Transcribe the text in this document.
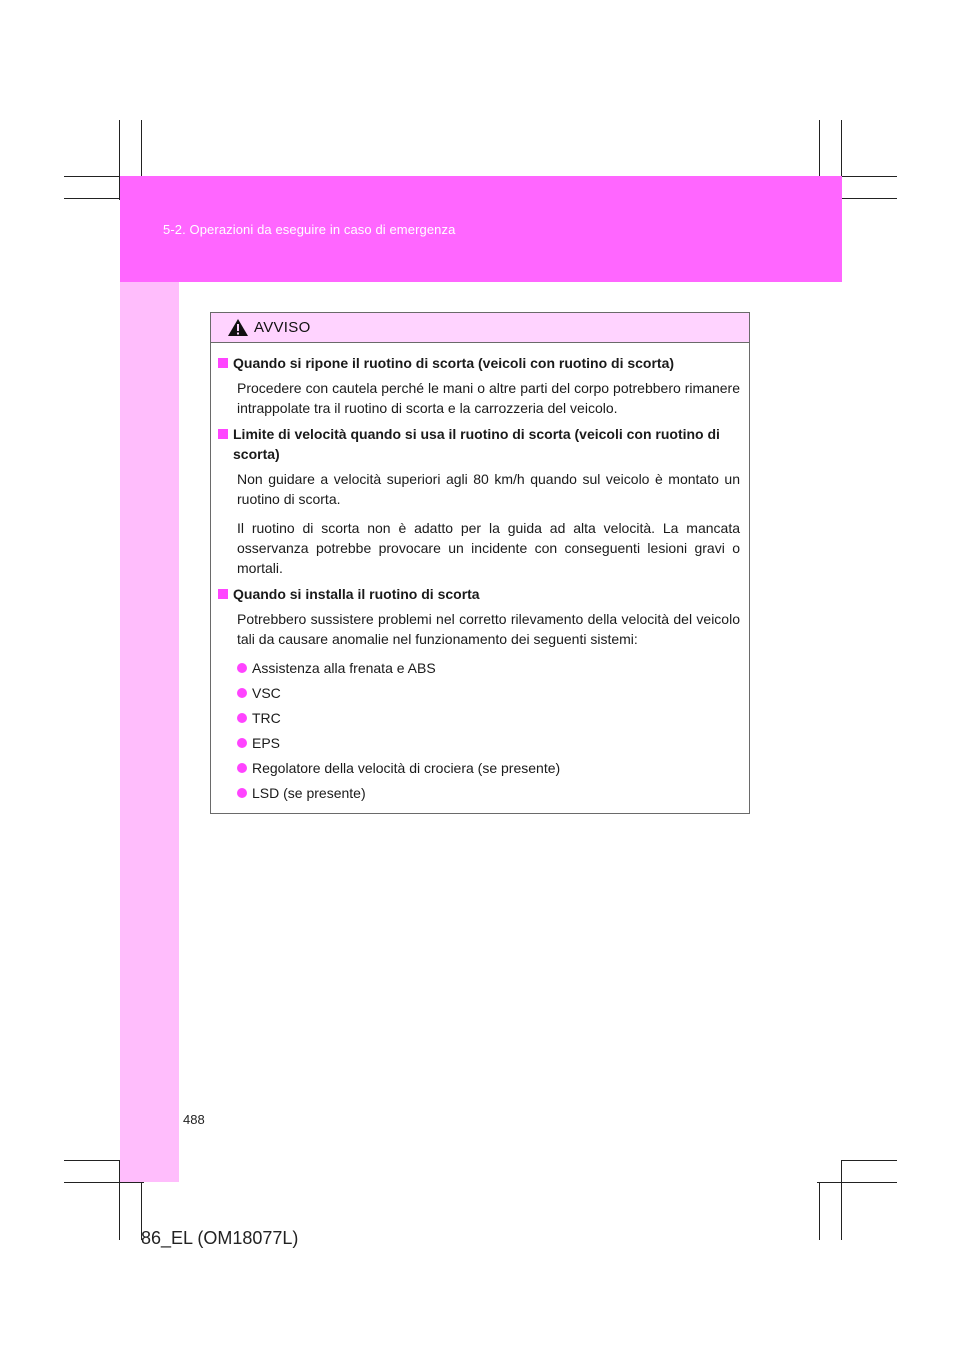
5-2. Operazioni da eseguire in caso di emergenza
AVVISO
Quando si ripone il ruotino di scorta (veicoli con ruotino di scorta)
Procedere con cautela perché le mani o altre parti del corpo potrebbero rimanere intrappolate tra il ruotino di scorta e la carrozzeria del veicolo.
Limite di velocità quando si usa il ruotino di scorta (veicoli con ruotino di scorta)
Non guidare a velocità superiori agli 80 km/h quando sul veicolo è montato un ruotino di scorta.
Il ruotino di scorta non è adatto per la guida ad alta velocità. La mancata osservanza potrebbe provocare un incidente con conseguenti lesioni gravi o mortali.
Quando si installa il ruotino di scorta
Potrebbero sussistere problemi nel corretto rilevamento della velocità del veicolo tali da causare anomalie nel funzionamento dei seguenti sistemi:
Assistenza alla frenata e ABS
VSC
TRC
EPS
Regolatore della velocità di crociera (se presente)
LSD (se presente)
488
86_EL (OM18077L)
